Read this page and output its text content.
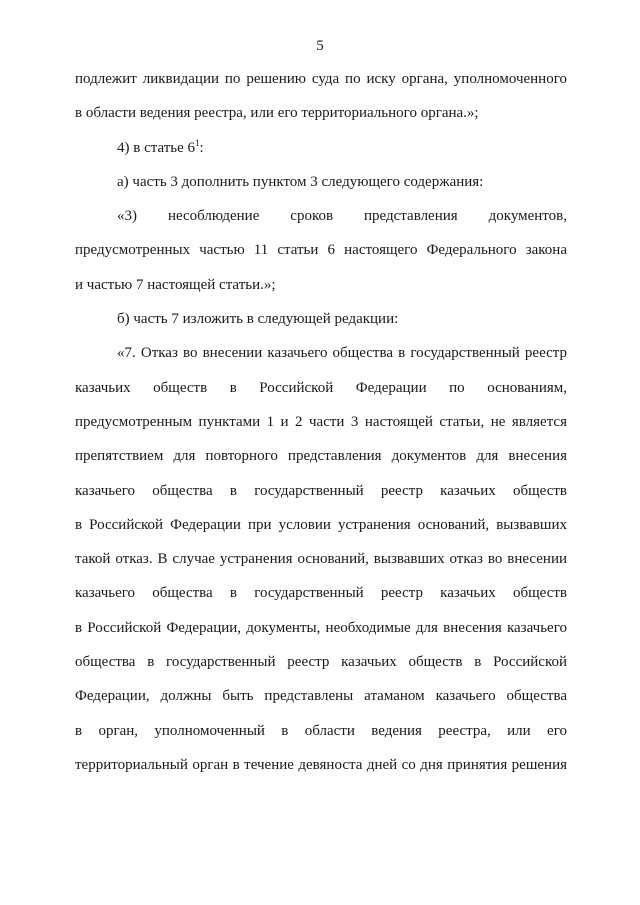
5
подлежит ликвидации по решению суда по иску органа, уполномоченного
в области ведения реестра, или его территориального органа.»;
4) в статье $6^1$:
а) часть 3 дополнить пунктом 3 следующего содержания:
«3) несоблюдение сроков представления документов,
предусмотренных частью 11 статьи 6 настоящего Федерального закона
и частью 7 настоящей статьи.»;
б) часть 7 изложить в следующей редакции:
«7. Отказ во внесении казачьего общества в государственный реестр
казачьих обществ в Российской Федерации по основаниям,
предусмотренным пунктами 1 и 2 части 3 настоящей статьи, не является
препятствием для повторного представления документов для внесения
казачьего общества в государственный реестр казачьих обществ
в Российской Федерации при условии устранения оснований, вызвавших
такой отказ. В случае устранения оснований, вызвавших отказ во внесении
казачьего общества в государственный реестр казачьих обществ
в Российской Федерации, документы, необходимые для внесения казачьего
общества в государственный реестр казачьих обществ в Российской
Федерации, должны быть представлены атаманом казачьего общества
в орган, уполномоченный в области ведения реестра, или его
территориальный орган в течение девяноста дней со дня принятия решения
